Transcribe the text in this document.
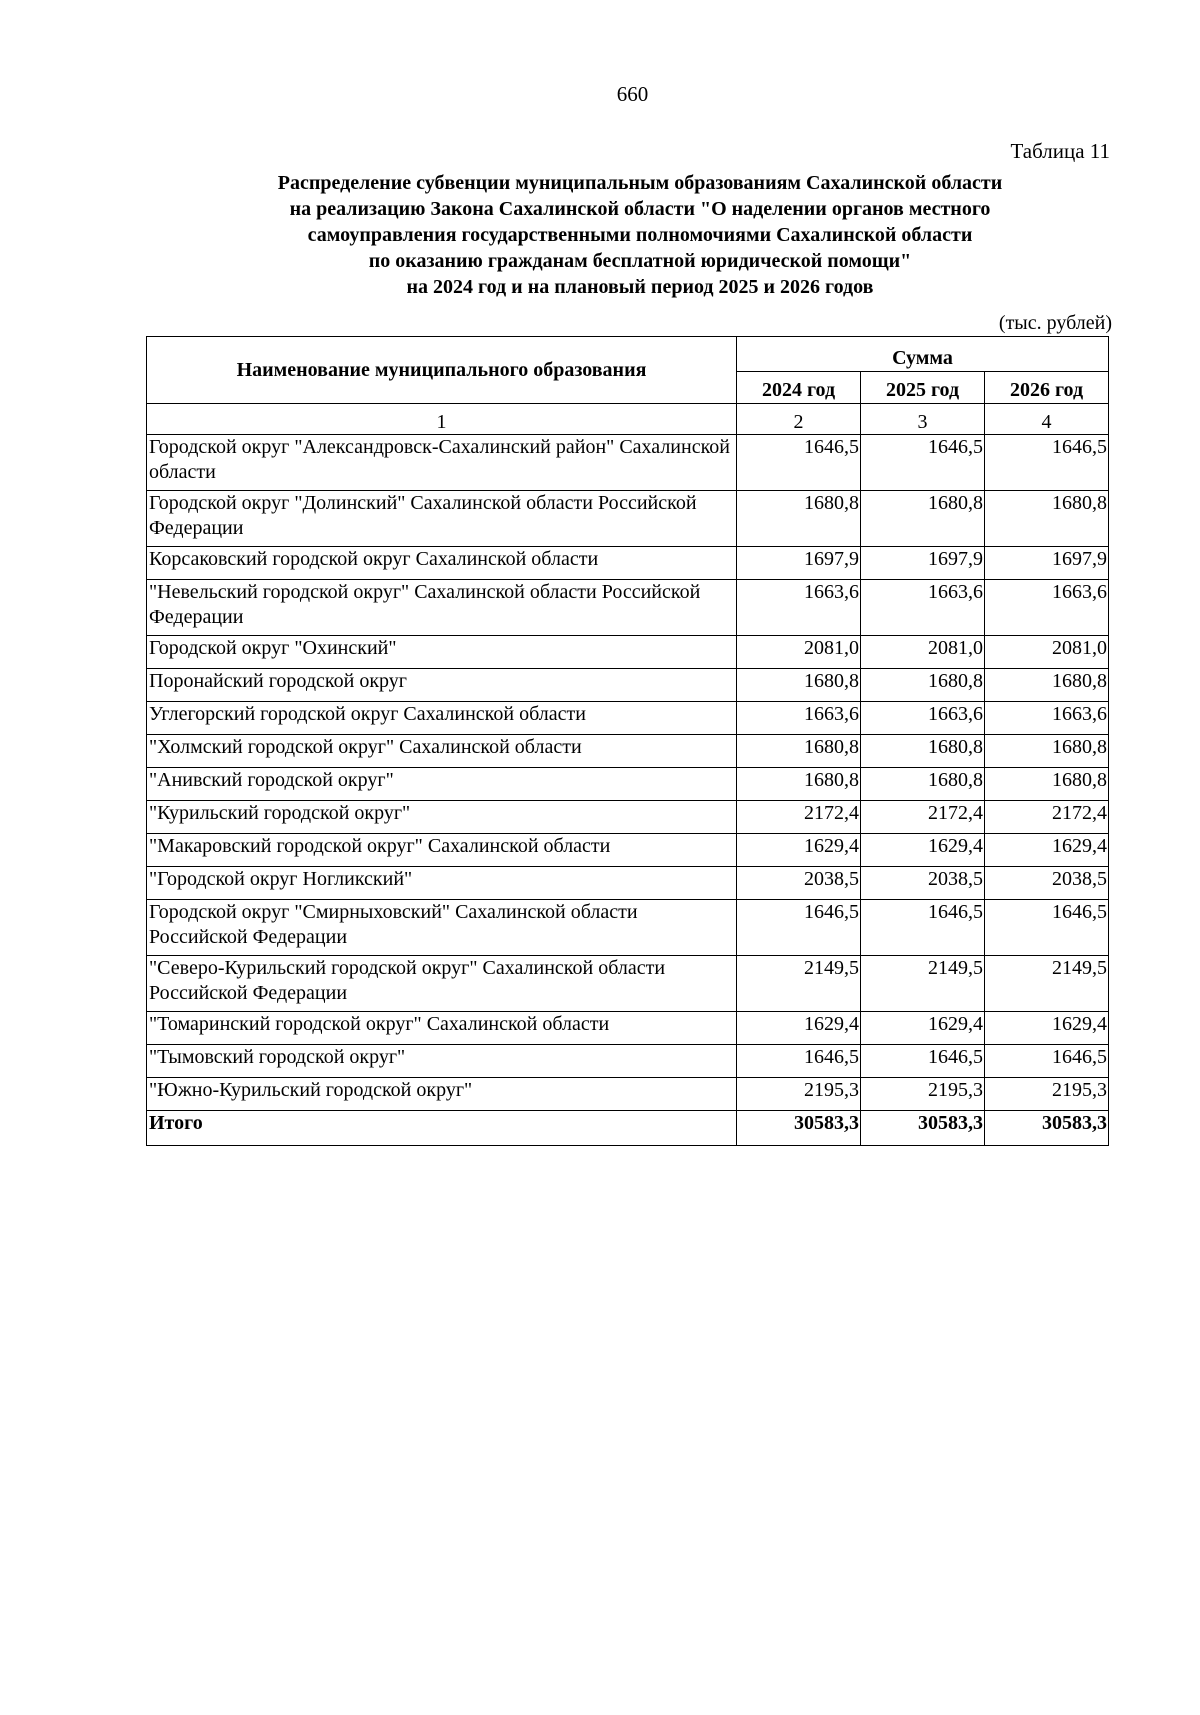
660
Таблица 11
Распределение субвенции муниципальным образованиям Сахалинской области
на реализацию Закона Сахалинской области "О наделении органов местного
самоуправления государственными полномочиями Сахалинской области
по оказанию гражданам бесплатной юридической помощи"
на 2024 год и на плановый период 2025 и 2026 годов
(тыс. рублей)
Наименование муниципального образования	Сумма		
	2024 год	2025 год	2026 год
1	2	3	4
Городской округ "Александровск-Сахалинский район" Сахалинской области	1646,5	1646,5	1646,5
Городской округ "Долинский" Сахалинской области Российской Федерации	1680,8	1680,8	1680,8
Корсаковский городской округ Сахалинской области	1697,9	1697,9	1697,9
"Невельский городской округ" Сахалинской области Российской Федерации	1663,6	1663,6	1663,6
Городской округ "Охинский"	2081,0	2081,0	2081,0
Поронайский городской округ	1680,8	1680,8	1680,8
Углегорский городской округ Сахалинской области	1663,6	1663,6	1663,6
"Холмский городской округ" Сахалинской области	1680,8	1680,8	1680,8
"Анивский городской округ"	1680,8	1680,8	1680,8
"Курильский городской округ"	2172,4	2172,4	2172,4
"Макаровский городской округ" Сахалинской области	1629,4	1629,4	1629,4
"Городской округ Ногликский"	2038,5	2038,5	2038,5
Городской округ "Смирныховский" Сахалинской области Российской Федерации	1646,5	1646,5	1646,5
"Северо-Курильский городской округ" Сахалинской области Российской Федерации	2149,5	2149,5	2149,5
"Томаринский городской округ" Сахалинской области	1629,4	1629,4	1629,4
"Тымовский городской округ"	1646,5	1646,5	1646,5
"Южно-Курильский городской округ"	2195,3	2195,3	2195,3
Итого	30583,3	30583,3	30583,3
